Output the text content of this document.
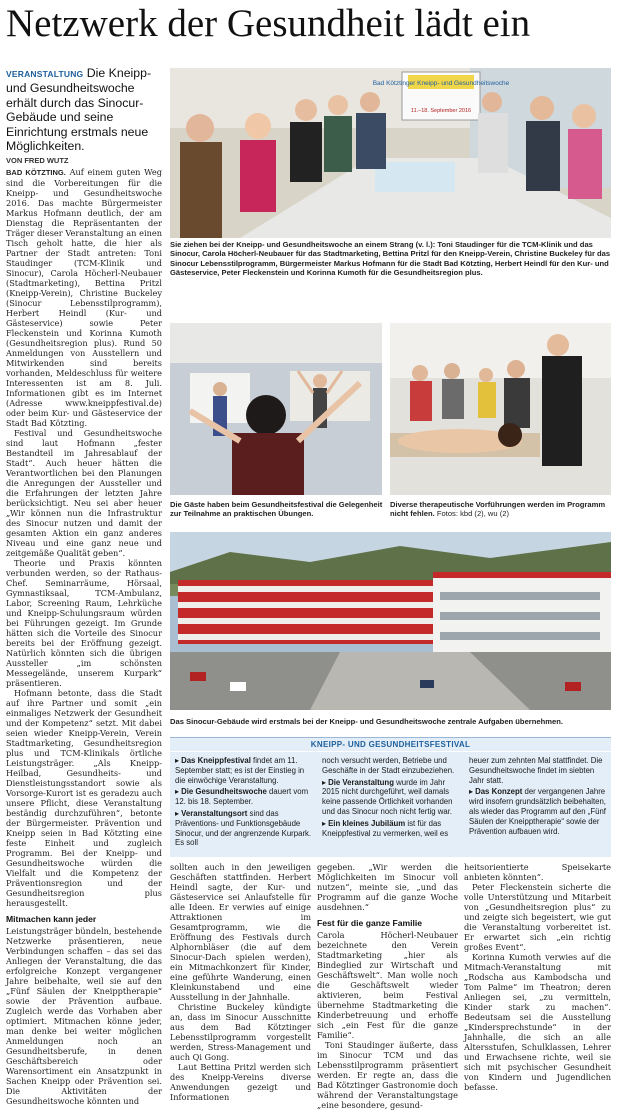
Netzwerk der Gesundheit lädt ein
VERANSTALTUNG Die Kneipp- und Gesundheitswoche erhält durch das Sinocur-Gebäude und seine Einrichtung erstmals neue Möglichkeiten.
VON FRED WUTZ

BAD KÖTZTING. Auf einem guten Weg sind die Vorbereitungen für die Kneipp- und Gesundheitswoche 2016. Das machte Bürgermeister Markus Hofmann deutlich, der am Dienstag die Repräsentanten der Träger dieser Veranstaltung an einen Tisch geholt hatte, die hier als Partner der Stadt antreten: Toni Staudinger (TCM-Klinik und Sinocur), Carola Höcherl-Neubauer (Stadtmarketing), Bettina Pritzl (Kneipp-Verein), Christine Buckeley (Sinocur Lebensstilprogramm), Herbert Heindl (Kur- und Gästeservice) sowie Peter Fleckenstein und Korinna Kumoth (Gesundheitsregion plus). Rund 50 Anmeldungen von Ausstellern und Mitwirkenden sind bereits vorhanden, Meldeschluss für weitere Interessenten ist am 8. Juli. Informationen gibt es im Internet (Adresse www.kneippfestival.de) oder beim Kur- und Gästeservice der Stadt Bad Kötzting.

Festival und Gesundheitswoche sind laut Hofmann „fester Bestandteil im Jahresablauf der Stadt“. Auch heuer hätten die Verantwortlichen bei den Planungen die Anregungen der Aussteller und die Erfahrungen der letzten Jahre berücksichtigt. Neu sei aber heuer „Wir können nun die Infrastruktur des Sinocur nutzen und damit der gesamten Aktion ein ganz anderes Niveau und eine ganz neue und zeitgemäße Qualität geben“.

Theorie und Praxis könnten verbunden werden, so der Rathaus-Chef. Seminarräume, Hörsaal, Gymnastiksaal, TCM-Ambulanz, Labor, Screening Raum, Lehrküche und Kneipp-Schulungsraum würden bei Führungen gezeigt. Im Grunde hätten sich die Vorteile des Sinocur bereits bei der Eröffnung gezeigt. Natürlich könnten sich die übrigen Aussteller „im schönsten Messegelände, unserem Kurpark“ präsentieren.

Hofmann betonte, dass die Stadt auf ihre Partner und somit „ein einmaliges Netzwerk der Gesundheit und der Kompetenz“ setzt. Mit dabei seien wieder Kneipp-Verein, Verein Stadtmarketing, Gesundheitsregion plus und TCM-Klinikals örtliche Leistungsträger. „Als Kneipp-Heilbad, Gesundheits- und Dienstleistungsstandort sowie als Vorsorge-Kurort ist es geradezu auch unsere Pflicht, diese Veranstaltung beständig durchzuführen“, betonte der Bürgermeister. Prävention und Kneipp seien in Bad Kötzting eine feste Einheit und zugleich Programm. Bei der Kneipp- und Gesundheitswoche würden die Vielfalt und die Kompetenz der Präventionsregion und der Gesundheitsregion plus herausgestellt.

Mitmachen kann jeder

Leistungsträger bündeln, bestehende Netzwerke präsentieren, neue Verbindungen schaffen – das sei das Anliegen der Veranstaltung, die das erfolgreiche Konzept vergangener Jahre beibehalte, weil sie auf den „Fünf Säulen der Kneipptherapie“ sowie der Prävention aufbaue. Zugleich werde das Vorhaben aber optimiert. Mitmachen könne jeder, man denke bei weiter möglichen Anmeldungen noch an Gesundheitsberufe, in denen Geschäftsbereich oder Warensortiment ein Ansatzpunkt in Sachen Kneipp oder Prävention sei. Die Aktivitäten der Gesundheitswoche könnten und

Bad Kötztinger Kneipp- und Gesundheitswoche
11.–18. September 2016
Sie ziehen bei der Kneipp- und Gesundheitswoche an einem Strang (v. l.): Toni Staudinger für die TCM-Klinik und das Sinocur, Carola Höcherl-Neubauer für das Stadtmarketing, Bettina Pritzl für den Kneipp-Verein, Christine Buckeley für das Sinocur Lebensstilprogramm, Bürgermeister Markus Hofmann für die Stadt Bad Kötzting, Herbert Heindl für den Kur- und Gästeservice, Peter Fleckenstein und Korinna Kumoth für die Gesundheitsregion plus.
Die Gäste haben beim Gesundheitsfestival die Gelegenheit zur Teilnahme an praktischen Übungen.
Diverse therapeutische Vorführungen werden im Programm nicht fehlen. Fotos: kbd (2), wu (2)
Das Sinocur-Gebäude wird erstmals bei der Kneipp- und Gesundheitswoche zentrale Aufgaben übernehmen.
KNEIPP- UND GESUNDHEITSFESTIVAL
▸ Das Kneippfestival findet am 11. September statt; es ist der Einstieg in die einwöchige Veranstaltung.
▸ Die Gesundheitswoche dauert vom 12. bis 18. September.
▸ Veranstaltungsort sind das Präventions- und Funktionsgebäude Sinocur, und der angrenzende Kurpark. Es soll
noch versucht werden, Betriebe und Geschäfte in der Stadt einzubeziehen.
▸ Die Veranstaltung wurde im Jahr 2015 nicht durchgeführt, weil damals keine passende Örtlichkeit vorhanden und das Sinocur noch nicht fertig war.
▸ Ein kleines Jubiläum ist für das Kneippfestival zu vermerken, weil es
heuer zum zehnten Mal stattfindet. Die Gesundheitswoche findet im siebten Jahr statt.
▸ Das Konzept der vergangenen Jahre wird insofern grundsätzlich beibehalten, als wieder das Programm auf den „Fünf Säulen der Kneipptherapie“ sowie der Prävention aufbauen wird.

sollten auch in den jeweiligen Geschäften stattfinden. Herbert Heindl sagte, der Kur- und Gästeservice sei Anlaufstelle für alle Ideen. Er verwies auf einige Attraktionen im Gesamtprogramm, wie die Eröffnung des Festivals durch Alphornbläser (die auf dem Sinocur-Dach spielen werden), ein Mitmachkonzert für Kinder, eine geführte Wanderung, einen Kleinkunstabend und eine Ausstellung in der Jahnhalle.

Christine Buckeley kündigte an, dass im Sinocur Ausschnitte aus dem Bad Kötztinger Lebensstilprogramm vorgestellt werden, Stress-Management und auch Qi Gong.

Laut Bettina Pritzl werden sich des Kneipp-Vereins diverse Anwendungen gezeigt und Informationen

gegeben. „Wir werden die Möglichkeiten im Sinocur voll nutzen“, meinte sie, „und das Programm auf die ganze Woche ausdehnen.“

Fest für die ganze Familie

Carola Höcherl-Neubauer bezeichnete den Verein Stadtmarketing „hier als Bindeglied zur Wirtschaft und Geschäftswelt“. Man wolle noch die Geschäftswelt wieder aktivieren, beim Festival übernehme Stadtmarketing die Kinderbetreuung und erhoffe sich „ein Fest für die ganze Familie“.

Toni Staudinger äußerte, dass im Sinocur TCM und das Lebensstilprogramm präsentiert werden. Er regte an, dass die Bad Kötztinger Gastronomie doch während der Veranstaltungstage „eine besondere, gesund-

heitsorientierte Speisekarte anbieten könnten“.

Peter Fleckenstein sicherte die volle Unterstützung und Mitarbeit von „Gesundheitsregion plus“ zu und zeigte sich begeistert, wie gut die Veranstaltung vorbereitet ist. Er erwartet sich „ein richtig großes Event“.

Korinna Kumoth verwies auf die Mitmach-Veranstaltung mit „Rodscha aus Kambodscha und Tom Palme“ im Theatron; deren Anliegen sei, „zu vermitteln, Kinder stark zu machen“. Bedeutsam sei die Ausstellung „Kindersprechstunde“ in der Jahnhalle, die sich an alle Altersstufen, Schulklassen, Lehrer und Erwachsene richte, weil sie sich mit psychischer Gesundheit von Kindern und Jugendlichen befasse.
